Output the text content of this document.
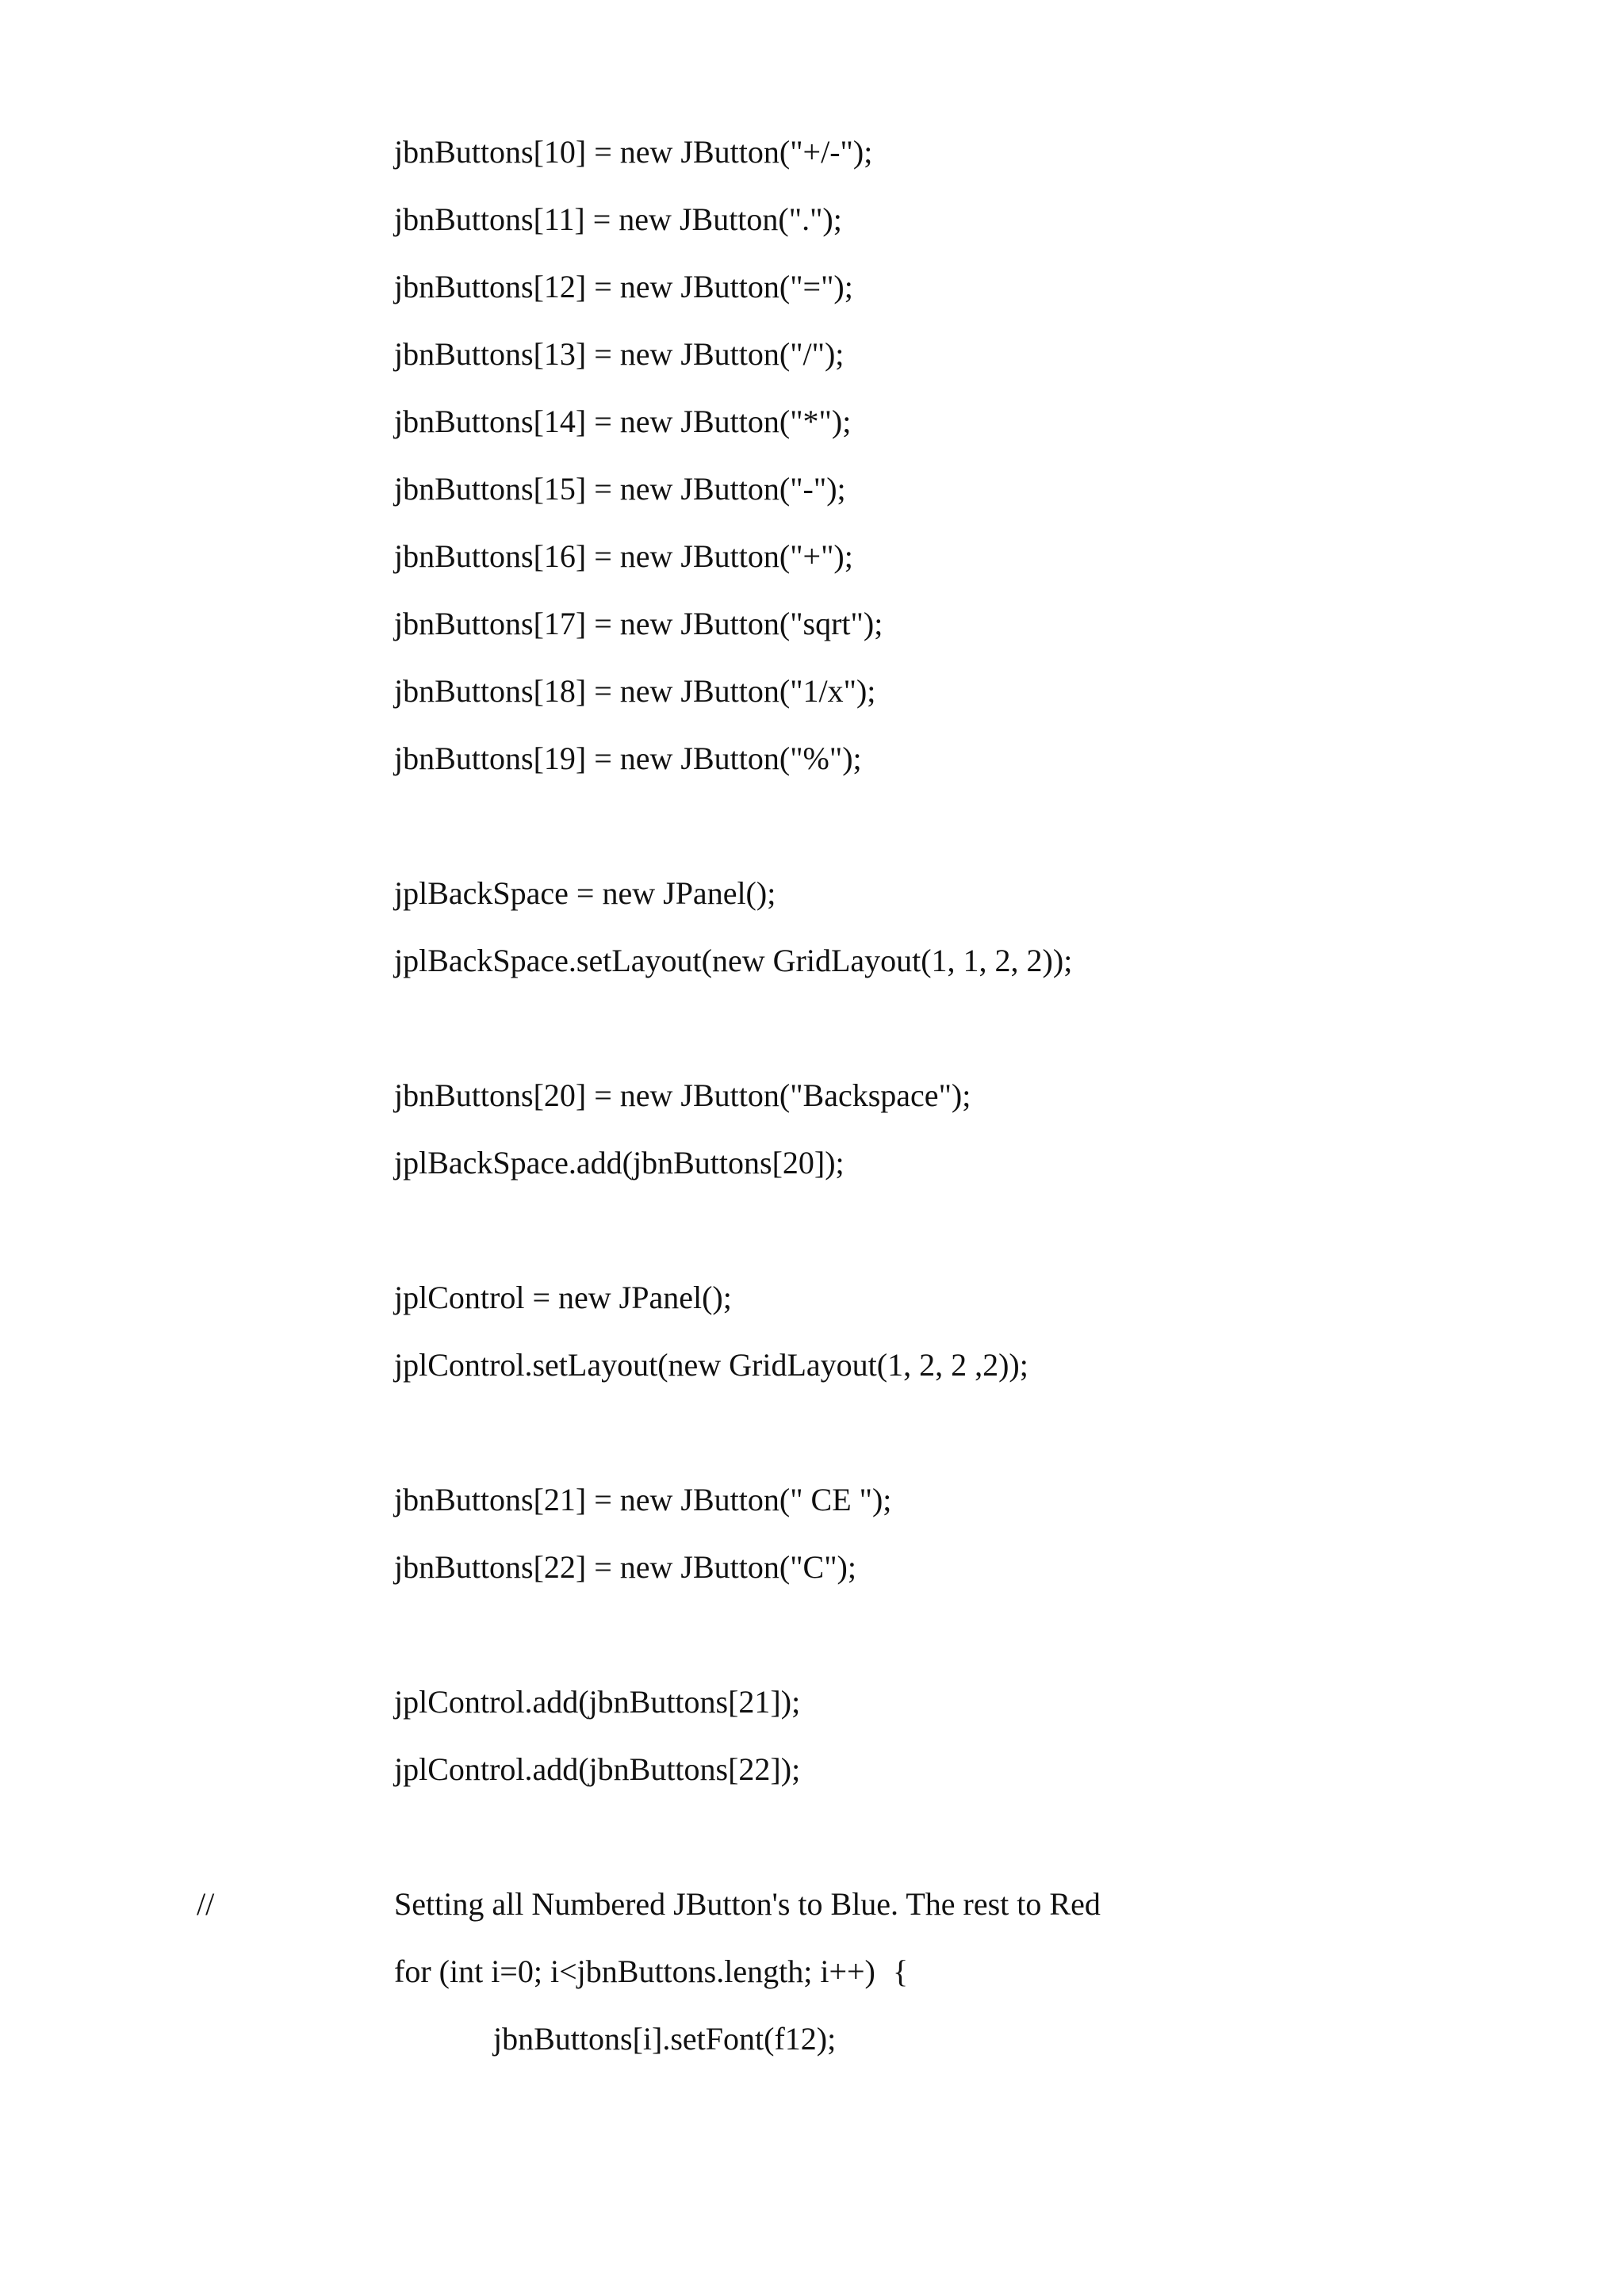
jbnButtons[10] = new JButton("+/-");
jbnButtons[11] = new JButton(".");
jbnButtons[12] = new JButton("=");
jbnButtons[13] = new JButton("/");
jbnButtons[14] = new JButton("*");
jbnButtons[15] = new JButton("-");
jbnButtons[16] = new JButton("+");
jbnButtons[17] = new JButton("sqrt");
jbnButtons[18] = new JButton("1/x");
jbnButtons[19] = new JButton("%");
jplBackSpace = new JPanel();
jplBackSpace.setLayout(new GridLayout(1, 1, 2, 2));
jbnButtons[20] = new JButton("Backspace");
jplBackSpace.add(jbnButtons[20]);
jplControl = new JPanel();
jplControl.setLayout(new GridLayout(1, 2, 2 ,2));
jbnButtons[21] = new JButton(" CE ");
jbnButtons[22] = new JButton("C");
jplControl.add(jbnButtons[21]);
jplControl.add(jbnButtons[22]);
//	Setting all Numbered JButton's to Blue. The rest to Red
for (int i=0; i<jbnButtons.length; i++) {
jbnButtons[i].setFont(f12);
